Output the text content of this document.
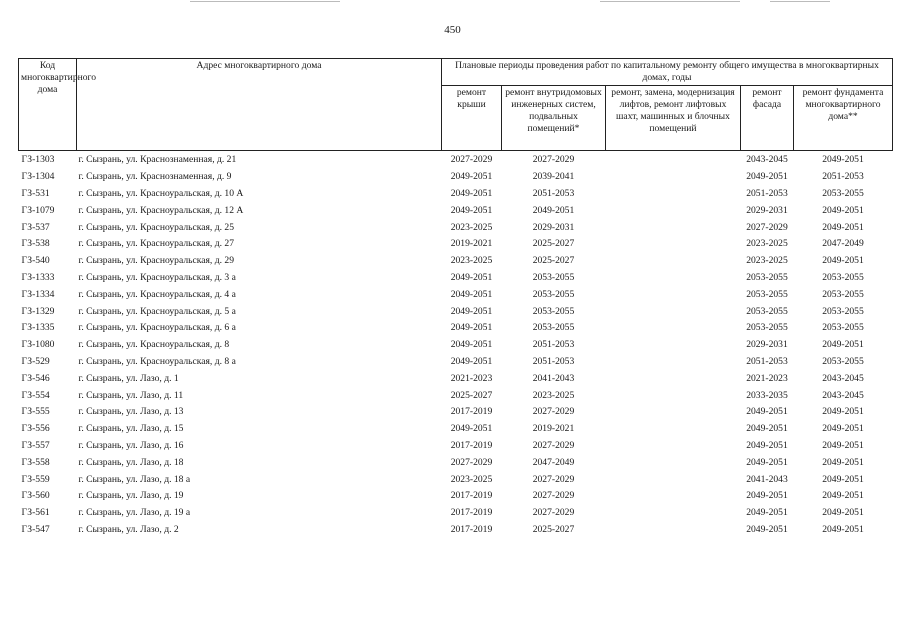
450
Код многоквартирного дома	Адрес многоквартирного дома	Плановые периоды проведения работ по капитальному ремонту общего имущества в многоквартирных домах, годы				
		ремонт крыши	ремонт внутридомовых инженерных систем, подвальных помещений*	ремонт, замена, модернизация лифтов, ремонт лифтовых шахт, машинных и блочных помещений	ремонт фасада	ремонт фундамента многоквартирного дома**
ГЗ-1303	г. Сызрань, ул. Краснознаменная, д. 21	2027-2029	2027-2029		2043-2045	2049-2051
ГЗ-1304	г. Сызрань, ул. Краснознаменная, д. 9	2049-2051	2039-2041		2049-2051	2051-2053
ГЗ-531	г. Сызрань, ул. Красноуральская, д. 10 А	2049-2051	2051-2053		2051-2053	2053-2055
ГЗ-1079	г. Сызрань, ул. Красноуральская, д. 12 А	2049-2051	2049-2051		2029-2031	2049-2051
ГЗ-537	г. Сызрань, ул. Красноуральская, д. 25	2023-2025	2029-2031		2027-2029	2049-2051
ГЗ-538	г. Сызрань, ул. Красноуральская, д. 27	2019-2021	2025-2027		2023-2025	2047-2049
ГЗ-540	г. Сызрань, ул. Красноуральская, д. 29	2023-2025	2025-2027		2023-2025	2049-2051
ГЗ-1333	г. Сызрань, ул. Красноуральская, д. 3 а	2049-2051	2053-2055		2053-2055	2053-2055
ГЗ-1334	г. Сызрань, ул. Красноуральская, д. 4 а	2049-2051	2053-2055		2053-2055	2053-2055
ГЗ-1329	г. Сызрань, ул. Красноуральская, д. 5 а	2049-2051	2053-2055		2053-2055	2053-2055
ГЗ-1335	г. Сызрань, ул. Красноуральская, д. 6 а	2049-2051	2053-2055		2053-2055	2053-2055
ГЗ-1080	г. Сызрань, ул. Красноуральская, д. 8	2049-2051	2051-2053		2029-2031	2049-2051
ГЗ-529	г. Сызрань, ул. Красноуральская, д. 8 а	2049-2051	2051-2053		2051-2053	2053-2055
ГЗ-546	г. Сызрань, ул. Лазо, д. 1	2021-2023	2041-2043		2021-2023	2043-2045
ГЗ-554	г. Сызрань, ул. Лазо, д. 11	2025-2027	2023-2025		2033-2035	2043-2045
ГЗ-555	г. Сызрань, ул. Лазо, д. 13	2017-2019	2027-2029		2049-2051	2049-2051
ГЗ-556	г. Сызрань, ул. Лазо, д. 15	2049-2051	2019-2021		2049-2051	2049-2051
ГЗ-557	г. Сызрань, ул. Лазо, д. 16	2017-2019	2027-2029		2049-2051	2049-2051
ГЗ-558	г. Сызрань, ул. Лазо, д. 18	2027-2029	2047-2049		2049-2051	2049-2051
ГЗ-559	г. Сызрань, ул. Лазо, д. 18 а	2023-2025	2027-2029		2041-2043	2049-2051
ГЗ-560	г. Сызрань, ул. Лазо, д. 19	2017-2019	2027-2029		2049-2051	2049-2051
ГЗ-561	г. Сызрань, ул. Лазо, д. 19 а	2017-2019	2027-2029		2049-2051	2049-2051
ГЗ-547	г. Сызрань, ул. Лазо, д. 2	2017-2019	2025-2027		2049-2051	2049-2051
